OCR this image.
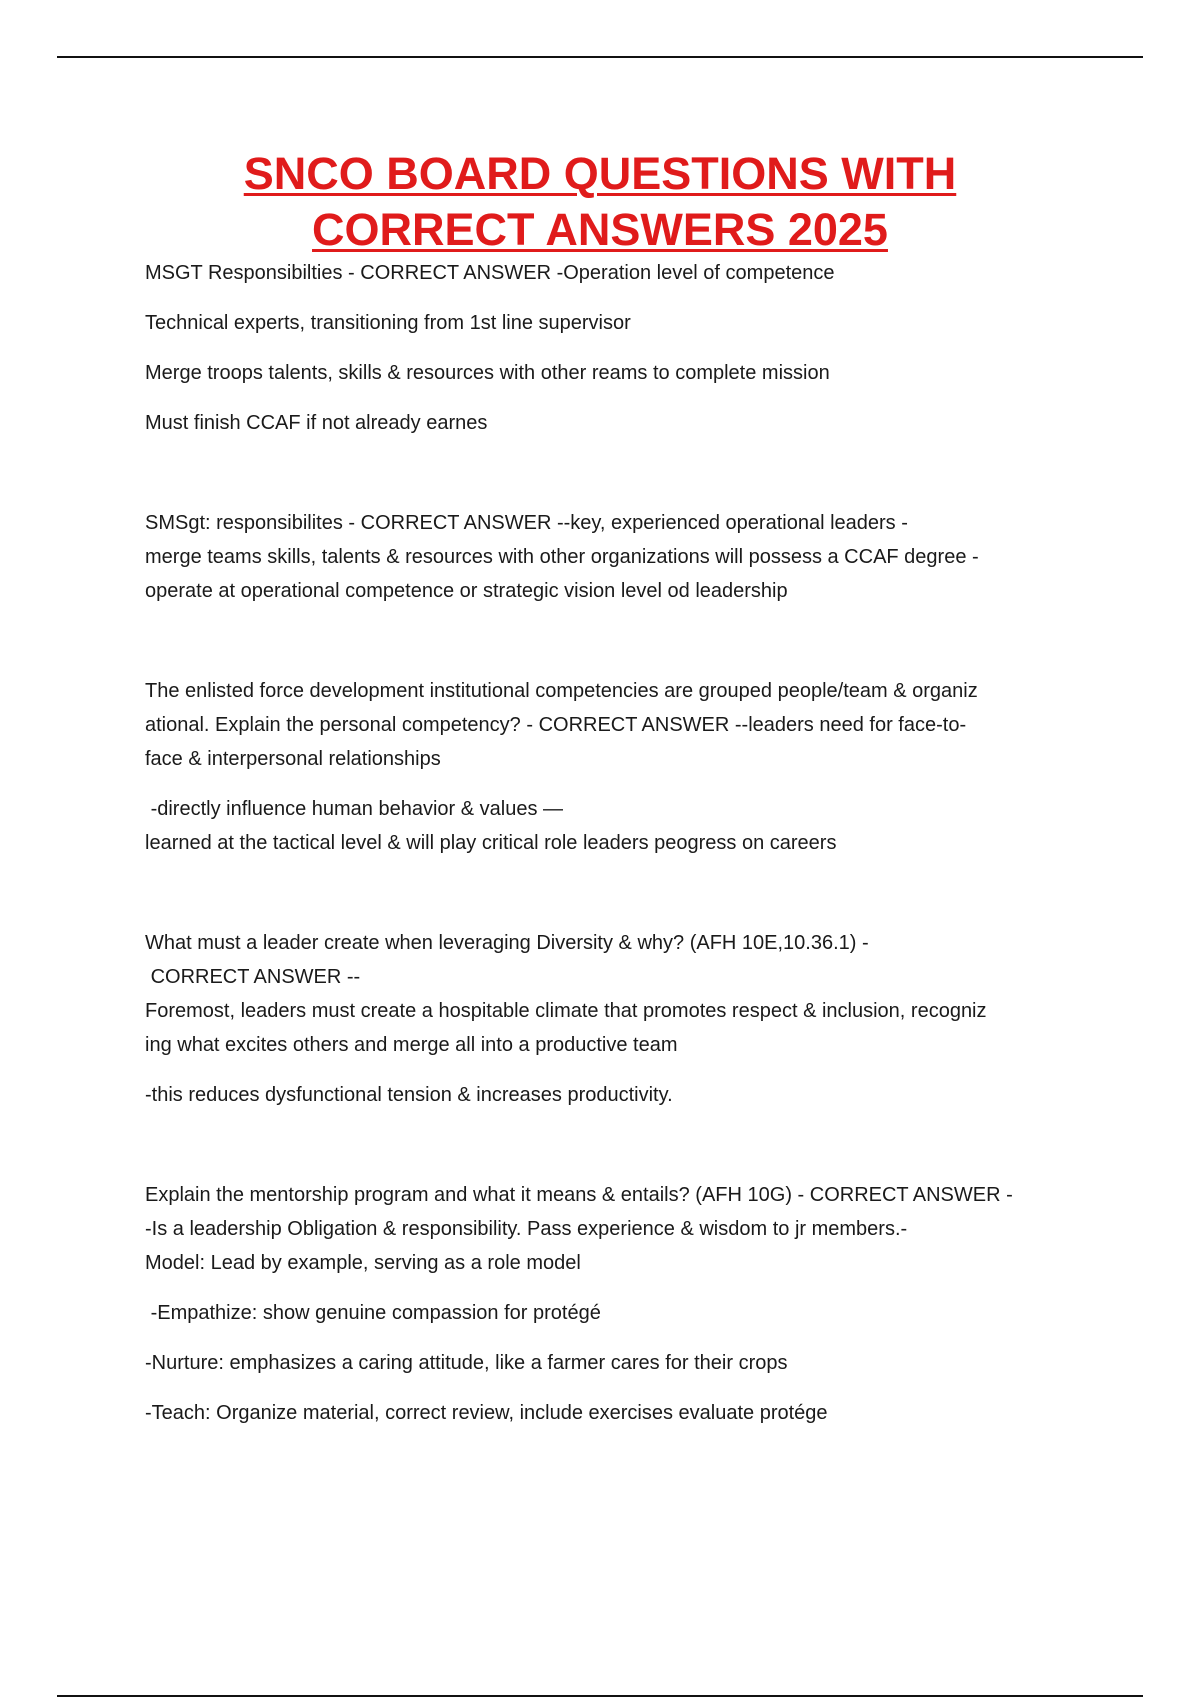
SNCO BOARD QUESTIONS WITH
CORRECT ANSWERS 2025
MSGT Responsibilties - CORRECT ANSWER -Operation level of competence
Technical experts, transitioning from 1st line supervisor
Merge troops talents, skills & resources with other reams to complete mission
Must finish CCAF if not already earnes
SMSgt: responsibilites - CORRECT ANSWER --key, experienced operational leaders -
merge teams skills, talents & resources with other organizations will possess a CCAF degree -
operate at operational competence or strategic vision level od leadership
The enlisted force development institutional competencies are grouped people/team & organiz
ational. Explain the personal competency? - CORRECT ANSWER --leaders need for face-to-
face & interpersonal relationships
-directly influence human behavior & values —
learned at the tactical level & will play critical role leaders peogress on careers
What must a leader create when leveraging Diversity & why? (AFH 10E,10.36.1) -
CORRECT ANSWER --
Foremost, leaders must create a hospitable climate that promotes respect & inclusion, recogniz
ing what excites others and merge all into a productive team
-this reduces dysfunctional tension & increases productivity.
Explain the mentorship program and what it means & entails? (AFH 10G) - CORRECT ANSWER -
-Is a leadership Obligation & responsibility. Pass experience & wisdom to jr members.-
Model: Lead by example, serving as a role model
-Empathize: show genuine compassion for protégé
-Nurture: emphasizes a caring attitude, like a farmer cares for their crops
-Teach: Organize material, correct review, include exercises evaluate protége
